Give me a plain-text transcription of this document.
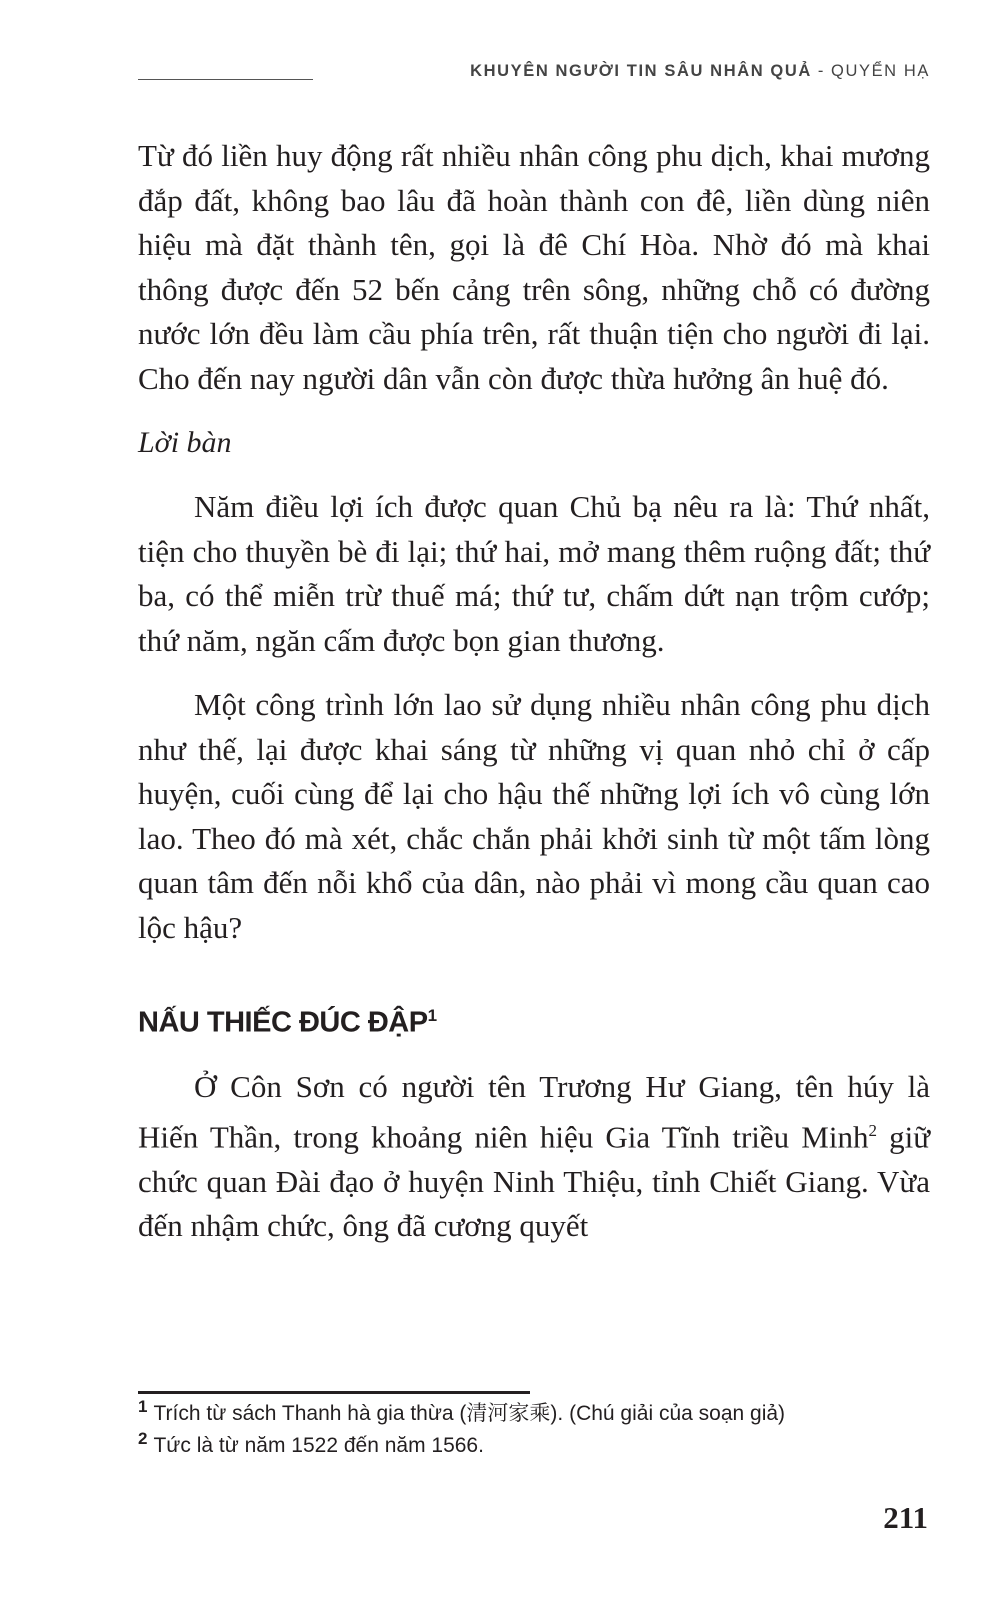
KHUYÊN NGƯỜI TIN SÂU NHÂN QUẢ - QUYỂN HẠ

Từ đó liền huy động rất nhiều nhân công phu dịch, khai mương đắp đất, không bao lâu đã hoàn thành con đê, liền dùng niên hiệu mà đặt thành tên, gọi là đê Chí Hòa. Nhờ đó mà khai thông được đến 52 bến cảng trên sông, những chỗ có đường nước lớn đều làm cầu phía trên, rất thuận tiện cho người đi lại. Cho đến nay người dân vẫn còn được thừa hưởng ân huệ đó.

Lời bàn

Năm điều lợi ích được quan Chủ bạ nêu ra là: Thứ nhất, tiện cho thuyền bè đi lại; thứ hai, mở mang thêm ruộng đất; thứ ba, có thể miễn trừ thuế má; thứ tư, chấm dứt nạn trộm cướp; thứ năm, ngăn cấm được bọn gian thương.

Một công trình lớn lao sử dụng nhiều nhân công phu dịch như thế, lại được khai sáng từ những vị quan nhỏ chỉ ở cấp huyện, cuối cùng để lại cho hậu thế những lợi ích vô cùng lớn lao. Theo đó mà xét, chắc chắn phải khởi sinh từ một tấm lòng quan tâm đến nỗi khổ của dân, nào phải vì mong cầu quan cao lộc hậu?

NẤU THIẾC ĐÚC ĐẬP$^1$

Ở Côn Sơn có người tên Trương Hư Giang, tên húy là Hiến Thần, trong khoảng niên hiệu Gia Tĩnh triều Minh$^2$ giữ chức quan Đài đạo ở huyện Ninh Thiệu, tỉnh Chiết Giang. Vừa đến nhậm chức, ông đã cương quyết

$^1$ Trích từ sách Thanh hà gia thừa (清河家乘). (Chú giải của soạn giả)
$^2$ Tức là từ năm 1522 đến năm 1566.
211
